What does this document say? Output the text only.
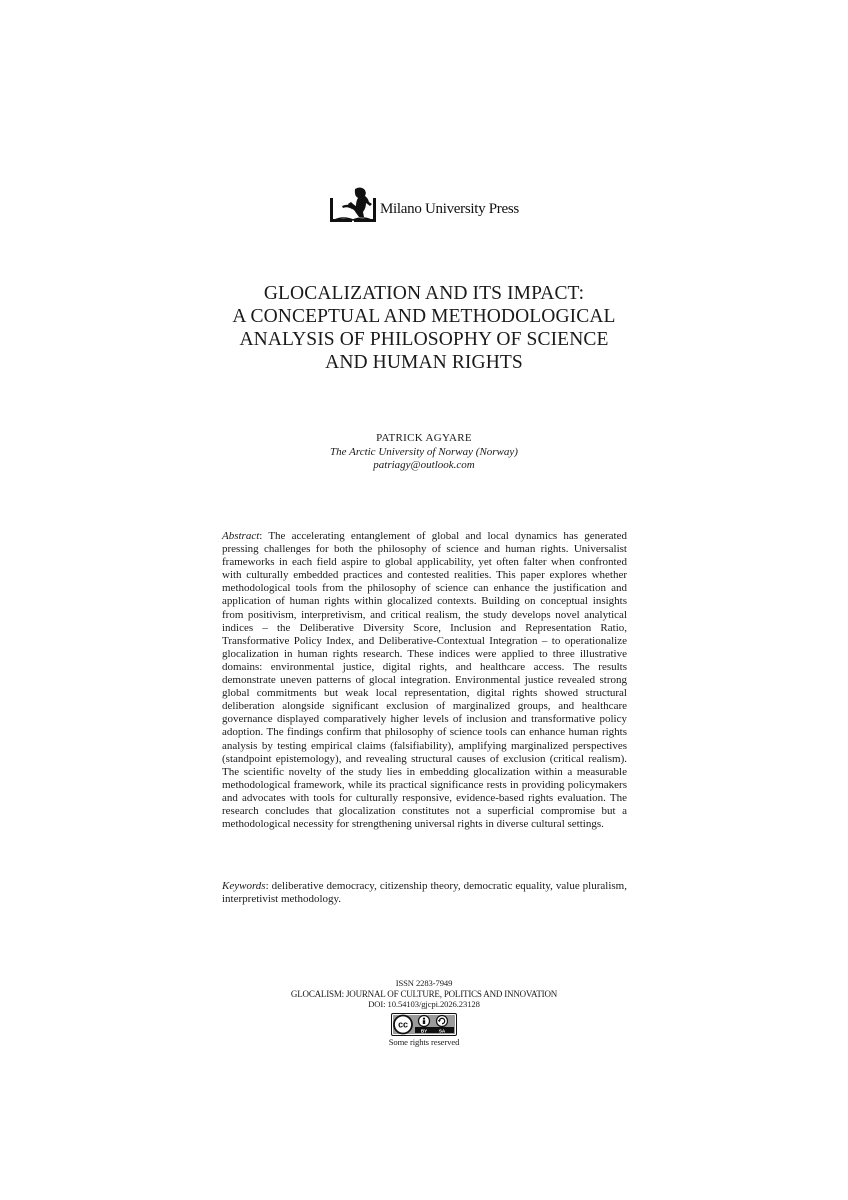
Milano University Press
GLOCALIZATION AND ITS IMPACT:
A CONCEPTUAL AND METHODOLOGICAL
ANALYSIS OF PHILOSOPHY OF SCIENCE
AND HUMAN RIGHTS
PATRICK AGYARE
The Arctic University of Norway (Norway)
patriagy@outlook.com
Abstract: The accelerating entanglement of global and local dynamics has generated pressing challenges for both the philosophy of science and human rights. Universalist frameworks in each field aspire to global applicability, yet often falter when confronted with culturally embedded practices and contested realities. This paper explores whether methodological tools from the philosophy of science can enhance the justification and application of human rights within glocalized contexts. Building on conceptual insights from positivism, interpretivism, and critical realism, the study develops novel analytical indices – the Deliberative Diversity Score, Inclusion and Representation Ratio, Transformative Policy Index, and Deliberative-Contextual Integration – to operationalize glocalization in human rights research. These indices were applied to three illustrative domains: environmental justice, digital rights, and healthcare access. The results demonstrate uneven patterns of glocal integration. Environmental justice revealed strong global commitments but weak local representation, digital rights showed structural deliberation alongside significant exclusion of marginalized groups, and healthcare governance displayed comparatively higher levels of inclusion and transformative policy adoption. The findings confirm that philosophy of science tools can enhance human rights analysis by testing empirical claims (falsifiability), amplifying marginalized perspectives (standpoint epistemology), and revealing structural causes of exclusion (critical realism). The scientific novelty of the study lies in embedding glocalization within a measurable methodological framework, while its practical significance rests in providing policymakers and advocates with tools for culturally responsive, evidence-based rights evaluation. The research concludes that glocalization constitutes not a superficial compromise but a methodological necessity for strengthening universal rights in diverse cultural settings.
Keywords: deliberative democracy, citizenship theory, democratic equality, value pluralism, interpretivist methodology.
ISSN 2283-7949
GLOCALISM: JOURNAL OF CULTURE, POLITICS AND INNOVATION
DOI: 10.54103/gjcpi.2026.23128
cc
BY	SA
Some rights reserved
